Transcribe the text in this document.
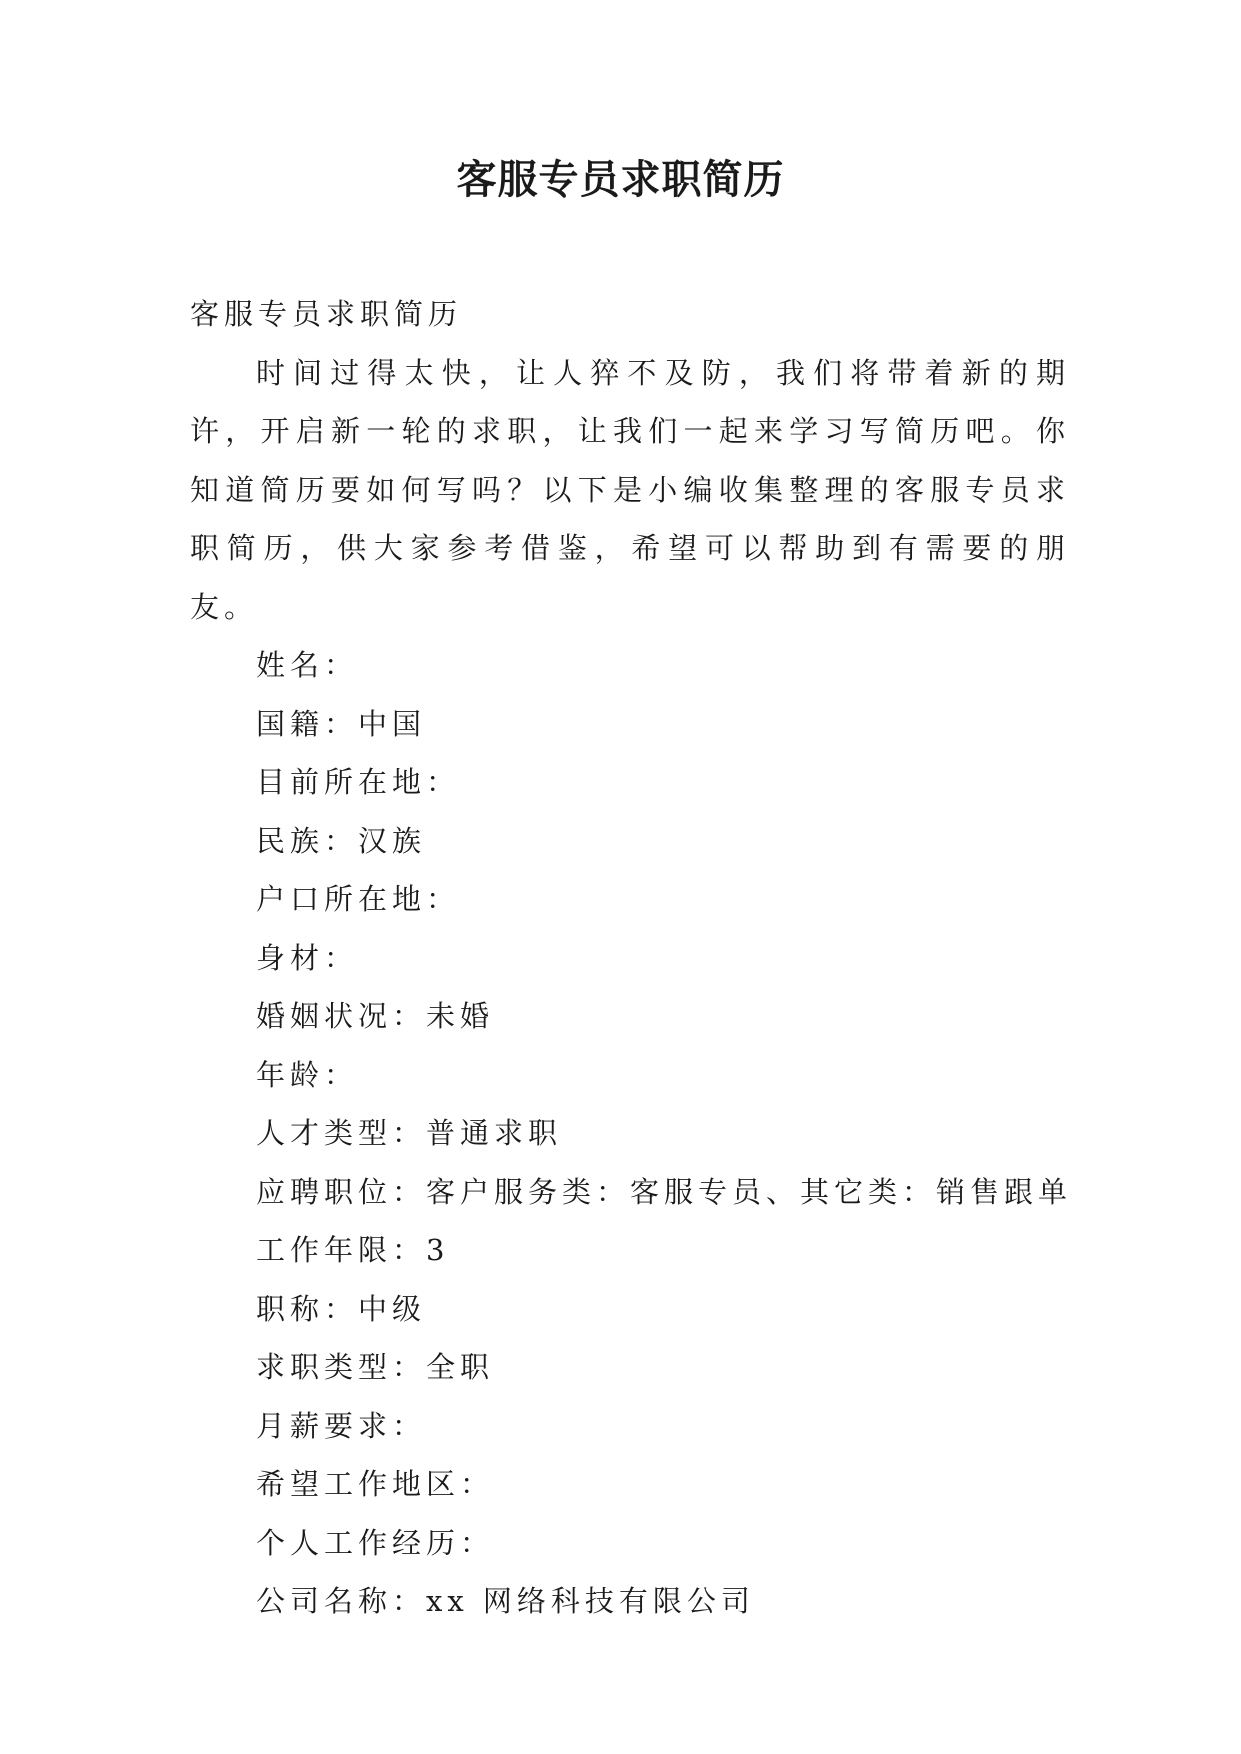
客服专员求职简历

客服专员求职简历

时间过得太快，让人猝不及防，我们将带着新的期许，开启新一轮的求职，让我们一起来学习写简历吧。你知道简历要如何写吗？以下是小编收集整理的客服专员求职简历，供大家参考借鉴，希望可以帮助到有需要的朋友。

姓名：

国籍：中国

目前所在地：

民族：汉族

户口所在地：

身材：

婚姻状况：未婚

年龄：

人才类型：普通求职

应聘职位：客户服务类：客服专员、其它类：销售跟单

工作年限：3

职称：中级

求职类型：全职

月薪要求：

希望工作地区：

个人工作经历：

公司名称：xx 网络科技有限公司
